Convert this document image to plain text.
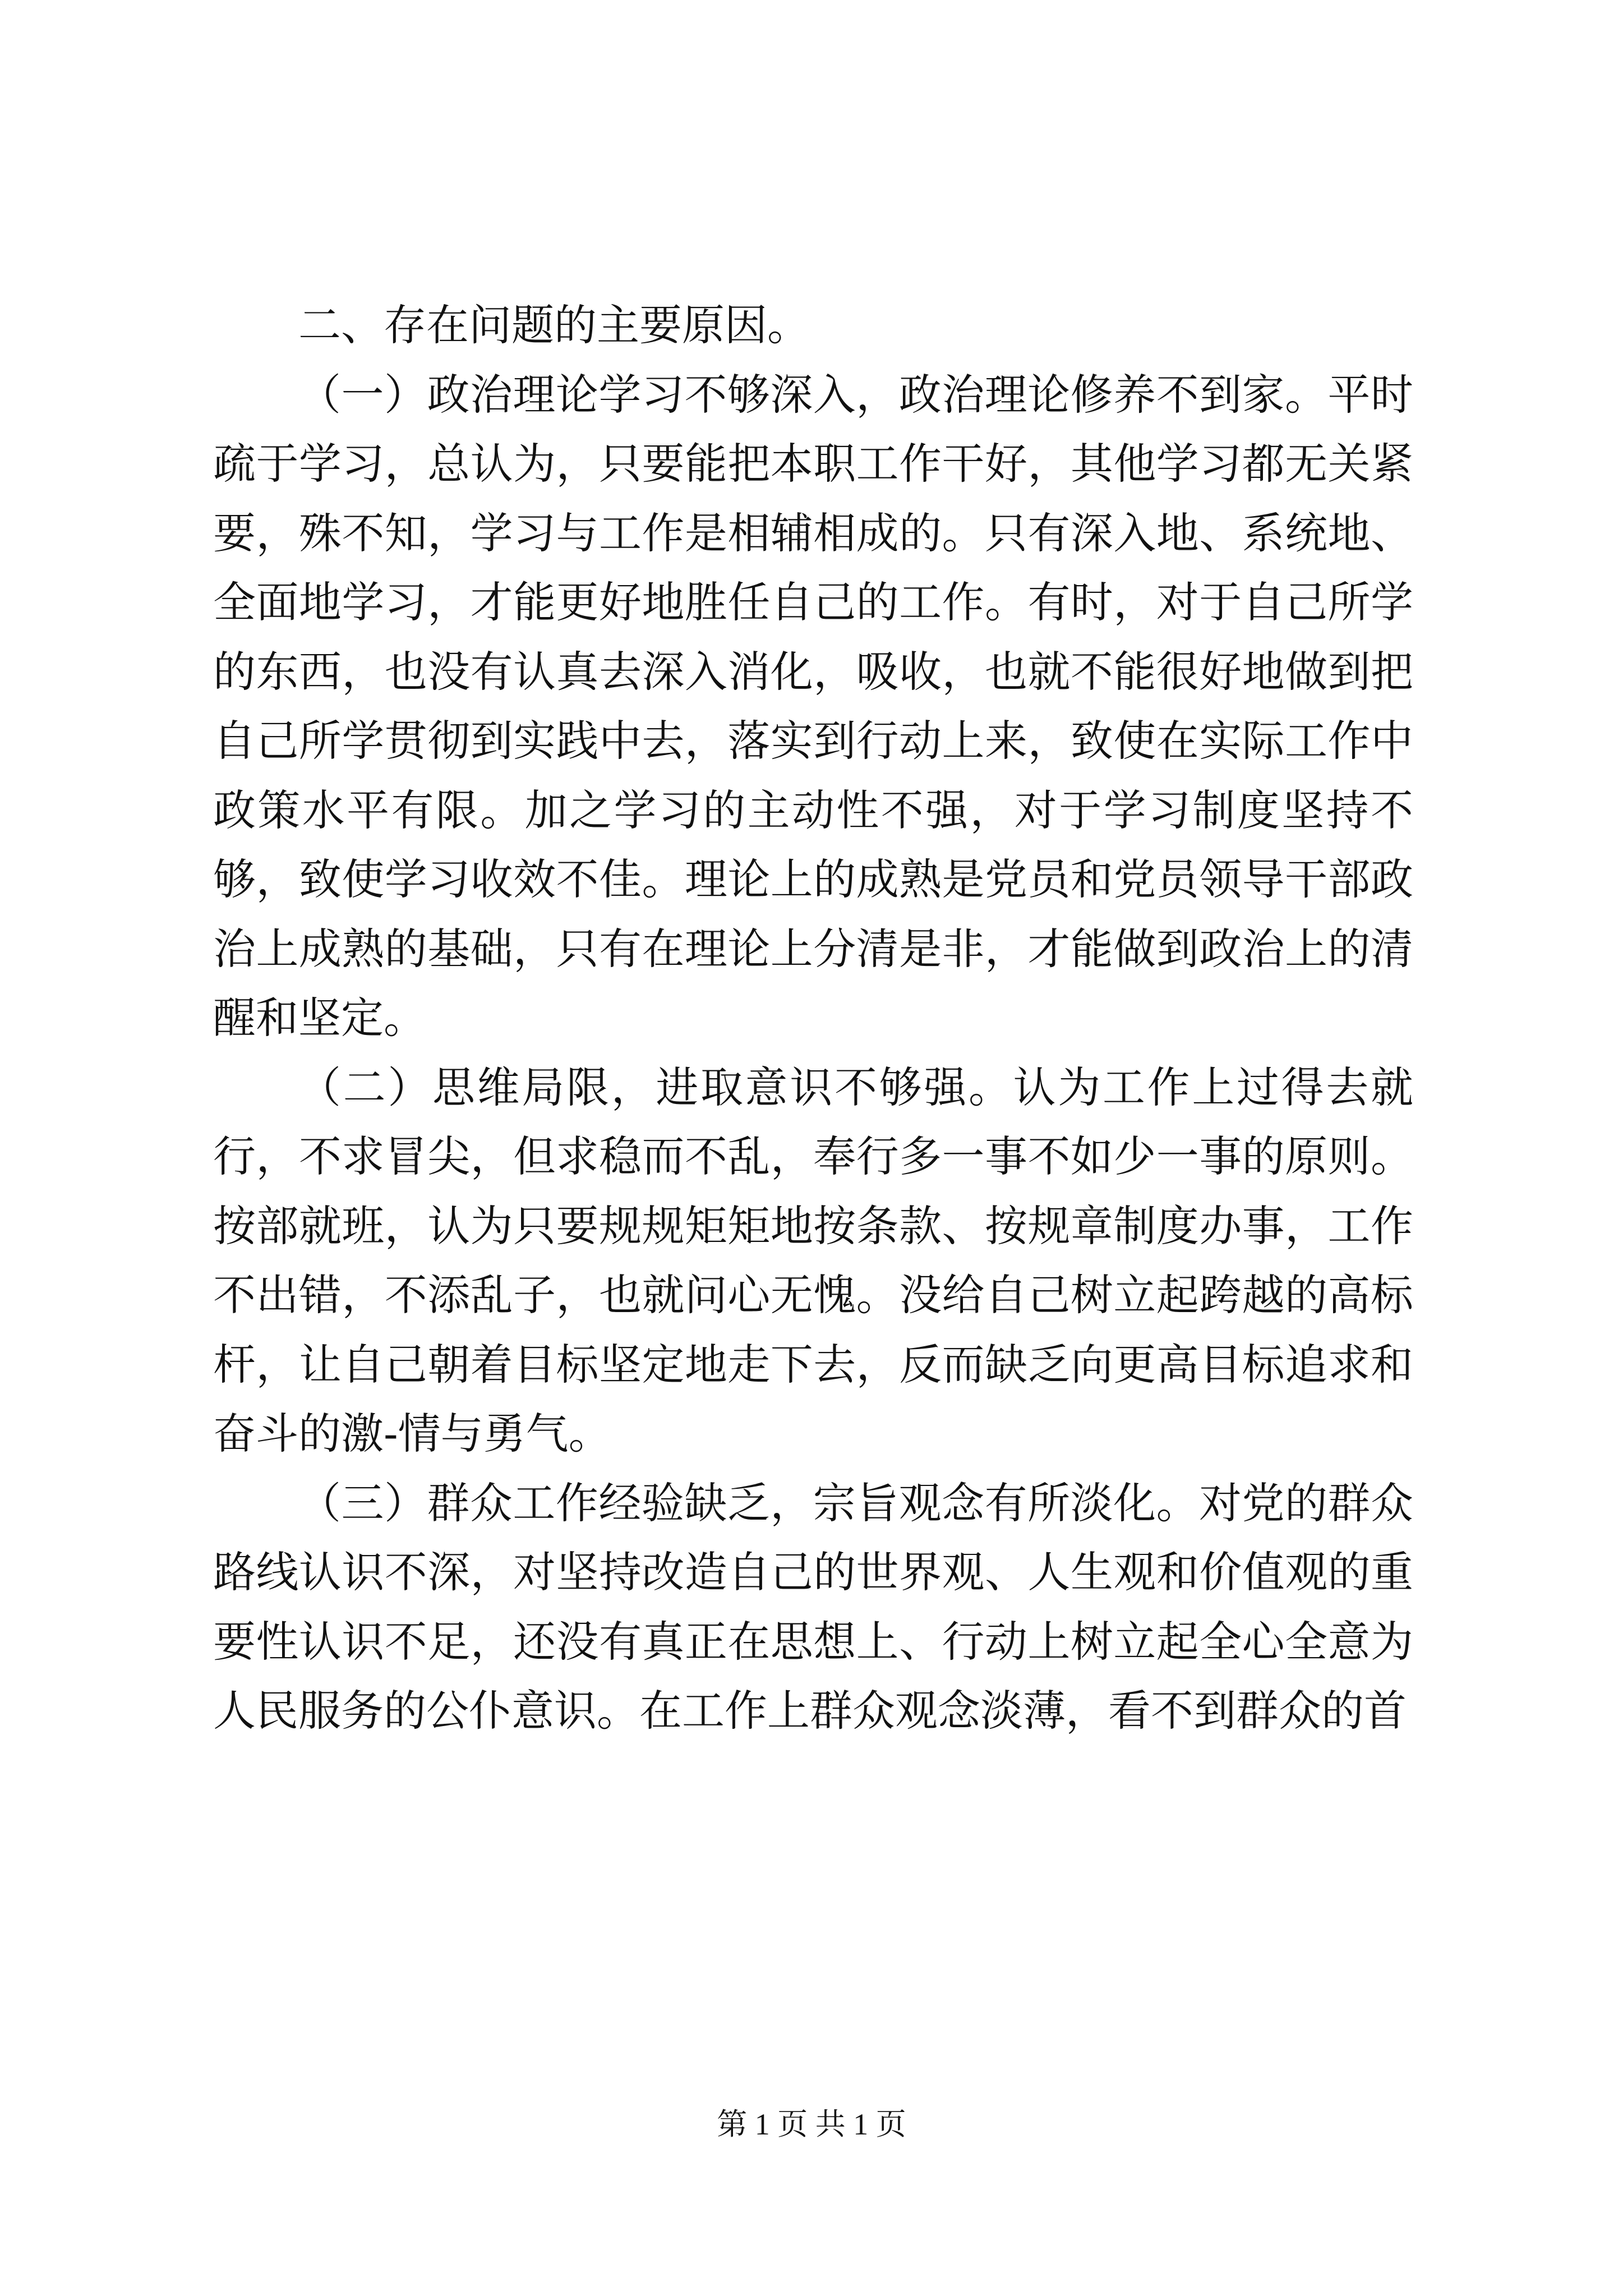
二、存在问题的主要原因。

（一）政治理论学习不够深入，政治理论修养不到家。平时疏于学习，总认为，只要能把本职工作干好，其他学习都无关紧要，殊不知，学习与工作是相辅相成的。只有深入地、系统地、全面地学习，才能更好地胜任自己的工作。有时，对于自己所学的东西，也没有认真去深入消化，吸收，也就不能很好地做到把自己所学贯彻到实践中去，落实到行动上来，致使在实际工作中政策水平有限。加之学习的主动性不强，对于学习制度坚持不够，致使学习收效不佳。理论上的成熟是党员和党员领导干部政治上成熟的基础，只有在理论上分清是非，才能做到政治上的清醒和坚定。

（二）思维局限，进取意识不够强。认为工作上过得去就行，不求冒尖，但求稳而不乱，奉行多一事不如少一事的原则。按部就班，认为只要规规矩矩地按条款、按规章制度办事，工作不出错，不添乱子，也就问心无愧。没给自己树立起跨越的高标杆，让自己朝着目标坚定地走下去，反而缺乏向更高目标追求和奋斗的激-情与勇气。

（三）群众工作经验缺乏，宗旨观念有所淡化。对党的群众路线认识不深，对坚持改造自己的世界观、人生观和价值观的重要性认识不足，还没有真正在思想上、行动上树立起全心全意为人民服务的公仆意识。在工作上群众观念淡薄，看不到群众的首

第 1 页 共 1 页
